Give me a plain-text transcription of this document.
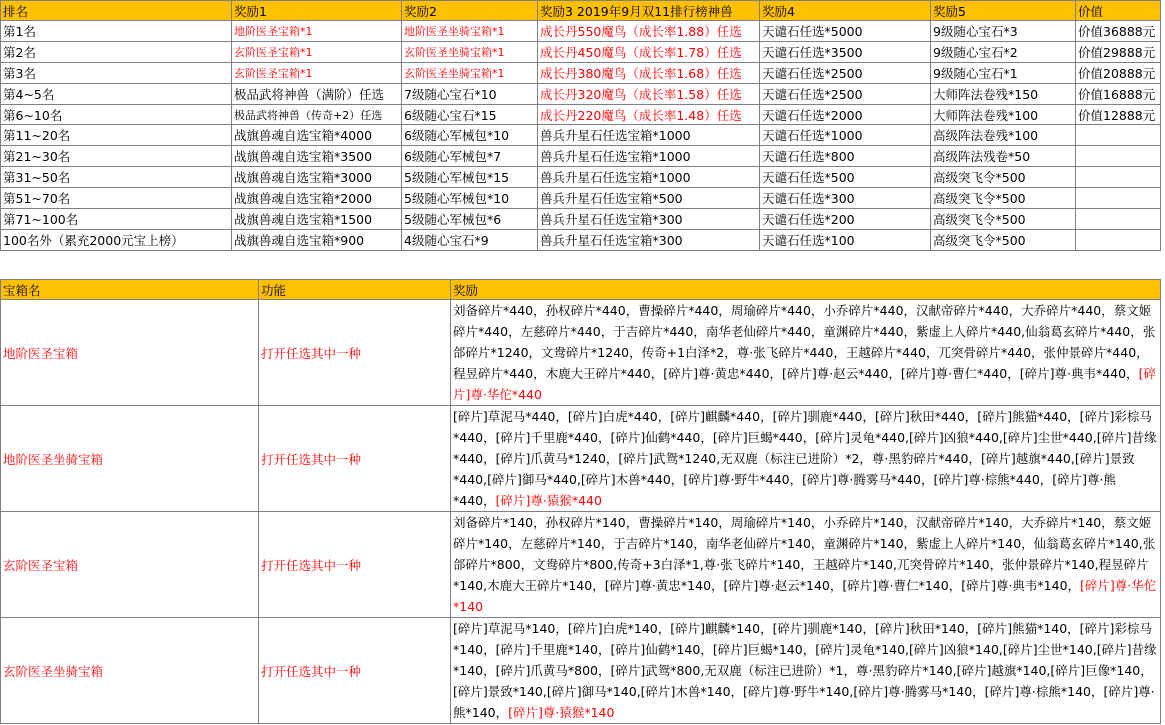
排名	奖励1	奖励2	奖励3 2019年9月双11排行榜神兽	奖励4	奖励5	价值
第1名	地阶医圣宝箱*1	地阶医圣坐骑宝箱*1	成长丹550魔鸟（成长率1.88）任选	天谴石任选*5000	9级随心宝石*3	价值36888元
第2名	玄阶医圣宝箱*1	玄阶医圣坐骑宝箱*1	成长丹450魔鸟（成长率1.78）任选	天谴石任选*3500	9级随心宝石*2	价值29888元
第3名	玄阶医圣宝箱*1	玄阶医圣坐骑宝箱*1	成长丹380魔鸟（成长率1.68）任选	天谴石任选*2500	9级随心宝石*1	价值20888元
第4~5名	极品武将神兽（满阶）任选	7级随心宝石*10	成长丹320魔鸟（成长率1.58）任选	天谴石任选*2500	大师阵法卷残*150	价值16888元
第6~10名	极品武将神兽（传奇+2）任选	6级随心宝石*15	成长丹220魔鸟（成长率1.48）任选	天谴石任选*2000	大师阵法卷残*100	价值12888元
第11~20名	战旗兽魂自选宝箱*4000	6级随心军械包*10	兽兵升星石任选宝箱*1000	天谴石任选*1000	高级阵法卷残*100	
第21~30名	战旗兽魂自选宝箱*3500	6级随心军械包*7	兽兵升星石任选宝箱*1000	天谴石任选*800	高级阵法残卷*50	
第31~50名	战旗兽魂自选宝箱*3000	5级随心军械包*15	兽兵升星石任选宝箱*1000	天谴石任选*500	高级突飞令*500	
第51~70名	战旗兽魂自选宝箱*2000	5级随心军械包*10	兽兵升星石任选宝箱*500	天谴石任选*300	高级突飞令*500	
第71~100名	战旗兽魂自选宝箱*1500	5级随心军械包*6	兽兵升星石任选宝箱*300	天谴石任选*200	高级突飞令*500	
100名外（累充2000元宝上榜）	战旗兽魂自选宝箱*900	4级随心宝石*9	兽兵升星石任选宝箱*300	天谴石任选*100	高级突飞令*500	
宝箱名	功能	奖励
地阶医圣宝箱	打开任选其中一种	刘备碎片*440，孙权碎片*440，曹操碎片*440，周瑜碎片*440，小乔碎片*440，汉献帝碎片*440，大乔碎片*440，蔡文姬碎片*440，左慈碎片*440，于吉碎片*440，南华老仙碎片*440，童渊碎片*440，紫虚上人碎片*440,仙翁葛玄碎片*440，张郃碎片*1240，文鸯碎片*1240，传奇+1白泽*2，尊·张飞碎片*440，王越碎片*440，兀突骨碎片*440，张仲景碎片*440，程昱碎片*440，木鹿大王碎片*440，[碎片]尊·黄忠*440，[碎片]尊·赵云*440，[碎片]尊·曹仁*440，[碎片]尊·典韦*440，[碎片]尊·华佗*440
地阶医圣坐骑宝箱	打开任选其中一种	[碎片]草泥马*440，[碎片]白虎*440，[碎片]麒麟*440，[碎片]驯鹿*440，[碎片]秋田*440，[碎片]熊猫*440，[碎片]彩棕马*440，[碎片]千里鹿*440，[碎片]仙鹤*440，[碎片]巨蝎*440，[碎片]灵龟*440,[碎片]凶狼*440,[碎片]尘世*440,[碎片]昔缘*440，[碎片]爪黄马*1240，[碎片]武鸳*1240,无双鹿（标注已进阶）*2，尊·黑豹碎片*440，[碎片]越旗*440,[碎片]景致*440,[碎片]御马*440,[碎片]木兽*440，[碎片]尊·野牛*440，[碎片]尊·腾雾马*440，[碎片]尊·棕熊*440，[碎片]尊·熊*440，[碎片]尊·猿猴*440
玄阶医圣宝箱	打开任选其中一种	刘备碎片*140，孙权碎片*140，曹操碎片*140，周瑜碎片*140，小乔碎片*140，汉献帝碎片*140，大乔碎片*140，蔡文姬碎片*140，左慈碎片*140，于吉碎片*140，南华老仙碎片*140，童渊碎片*140，紫虚上人碎片*140，仙翁葛玄碎片*140,张郃碎片*800，文鸯碎片*800,传奇+3白泽*1,尊·张飞碎片*140，王越碎片*140,兀突骨碎片*140，张仲景碎片*140,程昱碎片*140,木鹿大王碎片*140，[碎片]尊·黄忠*140，[碎片]尊·赵云*140，[碎片]尊·曹仁*140，[碎片]尊·典韦*140，[碎片]尊·华佗*140
玄阶医圣坐骑宝箱	打开任选其中一种	[碎片]草泥马*140，[碎片]白虎*140，[碎片]麒麟*140，[碎片]驯鹿*140，[碎片]秋田*140，[碎片]熊猫*140，[碎片]彩棕马*140，[碎片]千里鹿*140，[碎片]仙鹤*140，[碎片]巨蝎*140，[碎片]灵龟*140,[碎片]凶狼*140,[碎片]尘世*140,[碎片]昔缘*140，[碎片]爪黄马*800，[碎片]武鸳*800,无双鹿（标注已进阶）*1，尊·黑豹碎片*140,[碎片]越旗*140,[碎片]巨像*140，[碎片]景致*140,[碎片]御马*140,[碎片]木兽*140，[碎片]尊·野牛*140,[碎片]尊·腾雾马*140，[碎片]尊·棕熊*140，[碎片]尊·熊*140，[碎片]尊·猿猴*140
